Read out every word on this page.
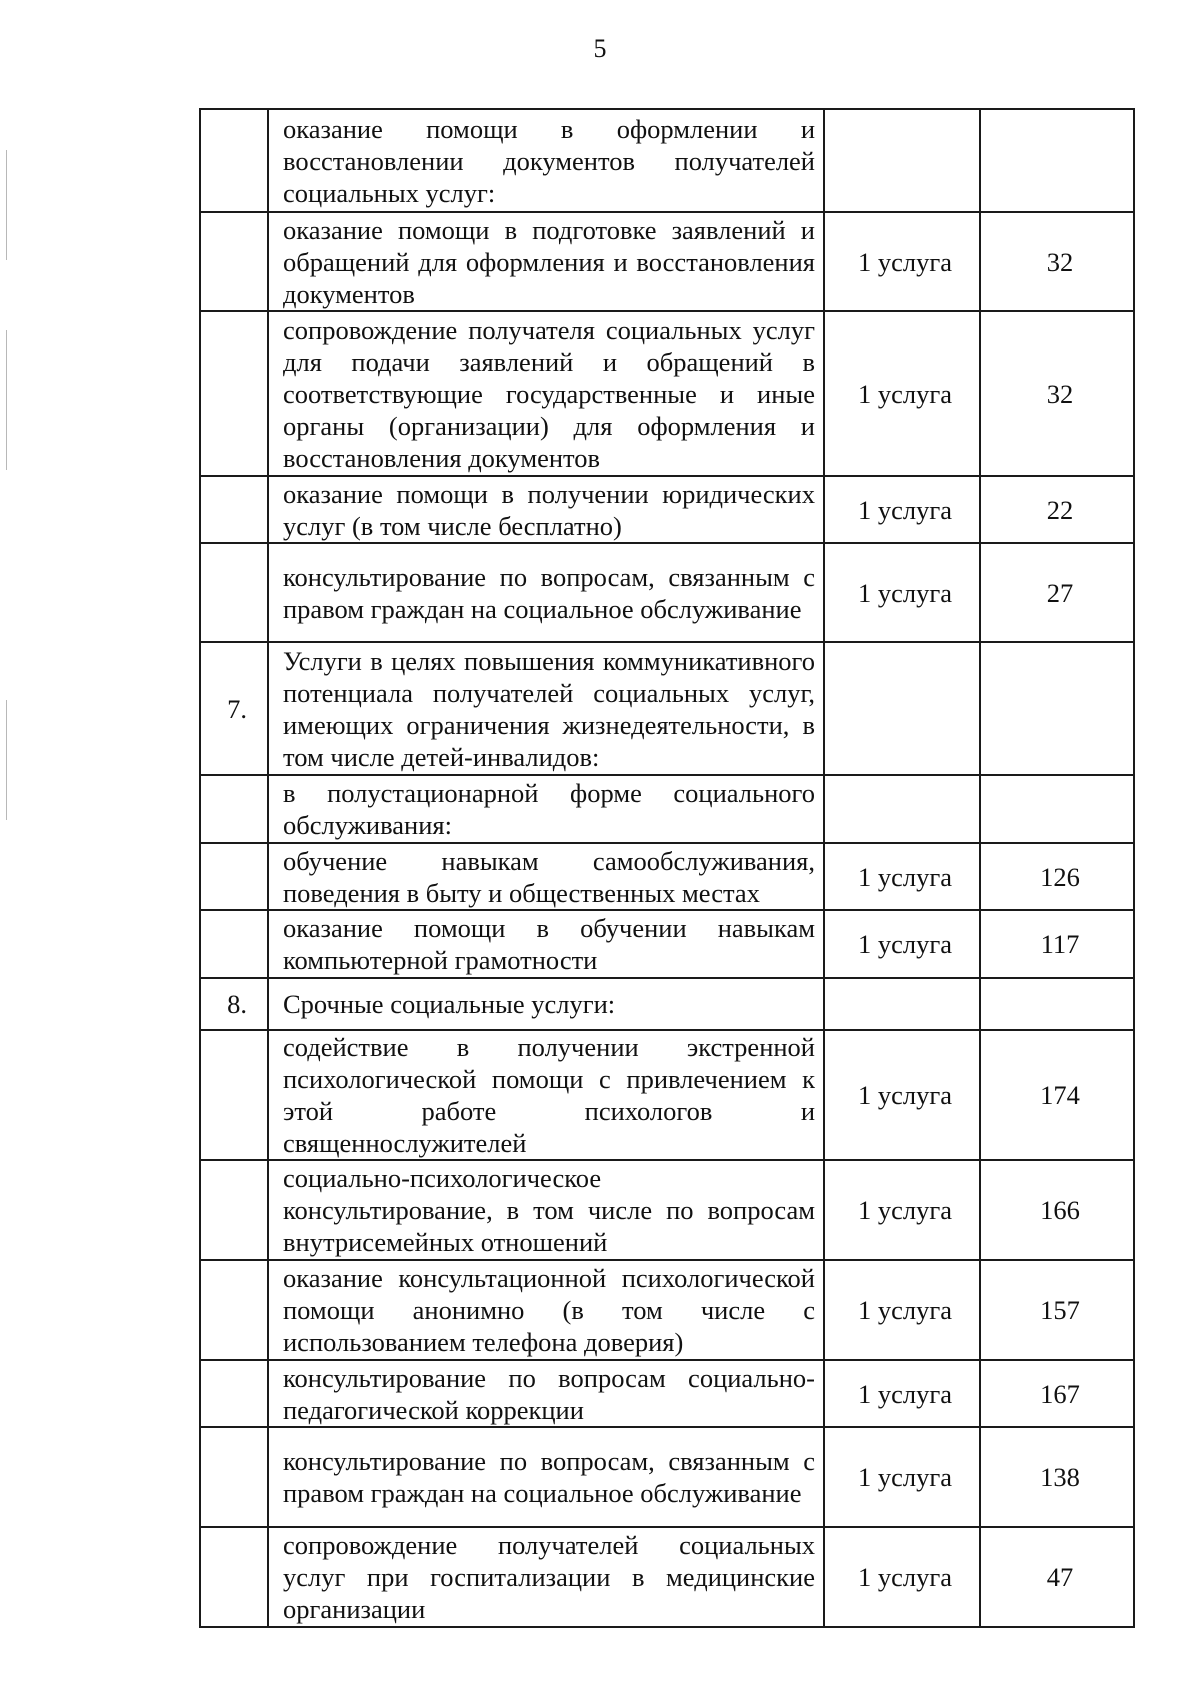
5
	оказание помощи в оформлении и восстановлении документов получателей социальных услуг:		
	оказание помощи в подготовке заявлений и обращений для оформления и восстановления документов	1 услуга	32
	сопровождение получателя социальных услуг для подачи заявлений и обращений в соответствующие государственные и иные органы (организации) для оформления и восстановления документов	1 услуга	32
	оказание помощи в получении юридических услуг (в том числе бесплатно)	1 услуга	22
	консультирование по вопросам, связанным с правом граждан на социальное обслуживание	1 услуга	27
7.	Услуги в целях повышения коммуникативного потенциала получателей социальных услуг, имеющих ограничения жизнедеятельности, в том числе детей-инвалидов:		
	в полустационарной форме социального обслуживания:		
	обучение навыкам самообслуживания, поведения в быту и общественных местах	1 услуга	126
	оказание помощи в обучении навыкам компьютерной грамотности	1 услуга	117
8.	Срочные социальные услуги:		
	содействие в получении экстренной психологической помощи с привлечением к этой работе психологов и священнослужителей	1 услуга	174
	социально-психологическое консультирование, в том числе по вопросам внутрисемейных отношений	1 услуга	166
	оказание консультационной психологической помощи анонимно (в том числе с использованием телефона доверия)	1 услуга	157
	консультирование по вопросам социально-педагогической коррекции	1 услуга	167
	консультирование по вопросам, связанным с правом граждан на социальное обслуживание	1 услуга	138
	сопровождение получателей социальных услуг при госпитализации в медицинские организации	1 услуга	47
